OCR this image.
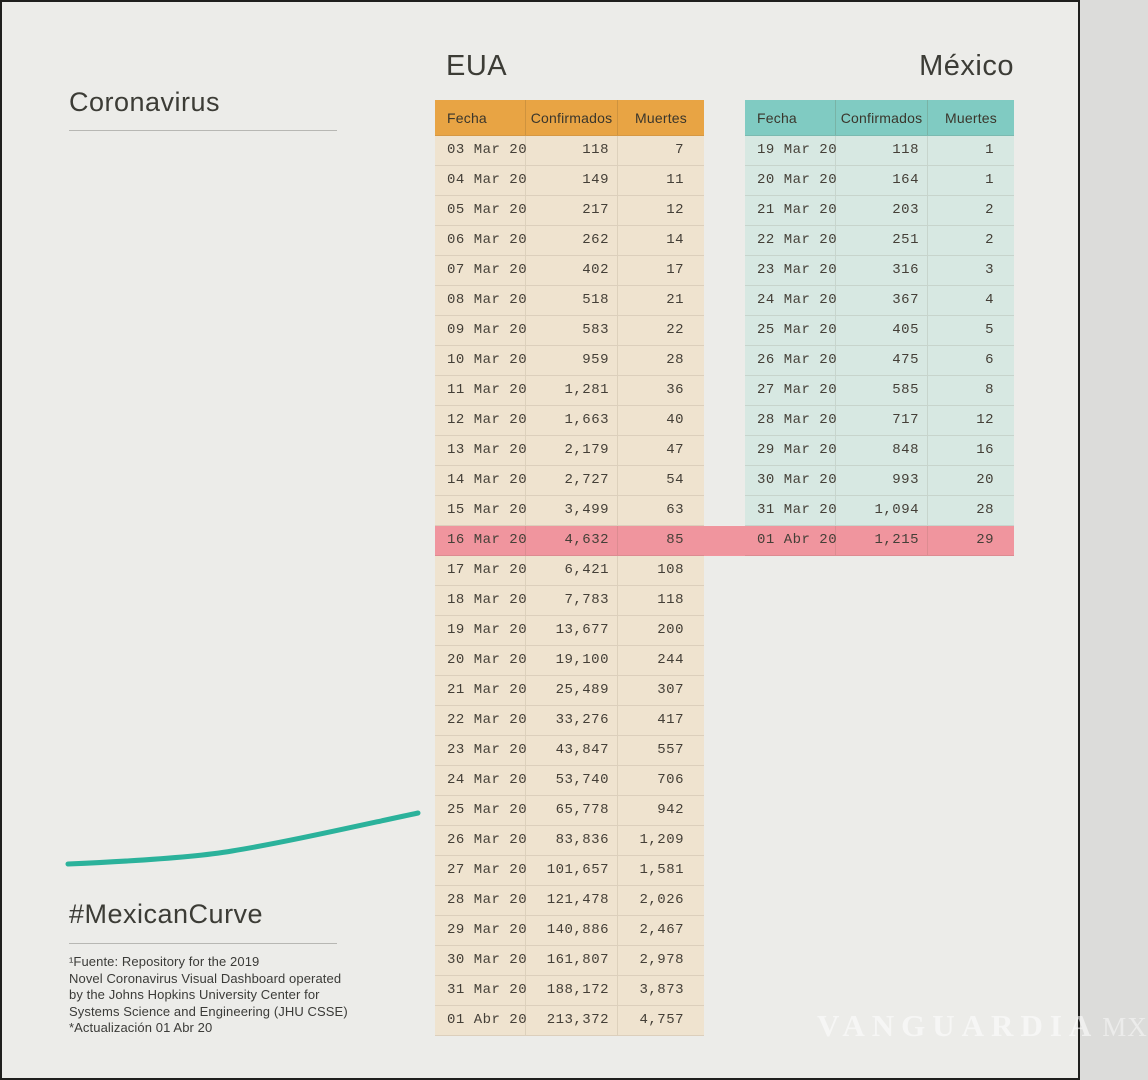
Coronavirus
EUA	México
Fecha	Confirmados	Muertes
03 Mar 20	118	7
04 Mar 20	149	11
05 Mar 20	217	12
06 Mar 20	262	14
07 Mar 20	402	17
08 Mar 20	518	21
09 Mar 20	583	22
10 Mar 20	959	28
11 Mar 20	1,281	36
12 Mar 20	1,663	40
13 Mar 20	2,179	47
14 Mar 20	2,727	54
15 Mar 20	3,499	63
16 Mar 20	4,632	85
17 Mar 20	6,421	108
18 Mar 20	7,783	118
19 Mar 20	13,677	200
20 Mar 20	19,100	244
21 Mar 20	25,489	307
22 Mar 20	33,276	417
23 Mar 20	43,847	557
24 Mar 20	53,740	706
25 Mar 20	65,778	942
26 Mar 20	83,836	1,209
27 Mar 20	101,657	1,581
28 Mar 20	121,478	2,026
29 Mar 20	140,886	2,467
30 Mar 20	161,807	2,978
31 Mar 20	188,172	3,873
01 Abr 20	213,372	4,757
Fecha	Confirmados	Muertes
19 Mar 20	118	1
20 Mar 20	164	1
21 Mar 20	203	2
22 Mar 20	251	2
23 Mar 20	316	3
24 Mar 20	367	4
25 Mar 20	405	5
26 Mar 20	475	6
27 Mar 20	585	8
28 Mar 20	717	12
29 Mar 20	848	16
30 Mar 20	993	20
31 Mar 20	1,094	28
01 Abr 20	1,215	29
#MexicanCurve
¹Fuente: Repository for the 2019
Novel Coronavirus Visual Dashboard operated
by the Johns Hopkins University Center for
Systems Science and Engineering (JHU CSSE)
*Actualización 01 Abr 20	VANGUARDIA MX
